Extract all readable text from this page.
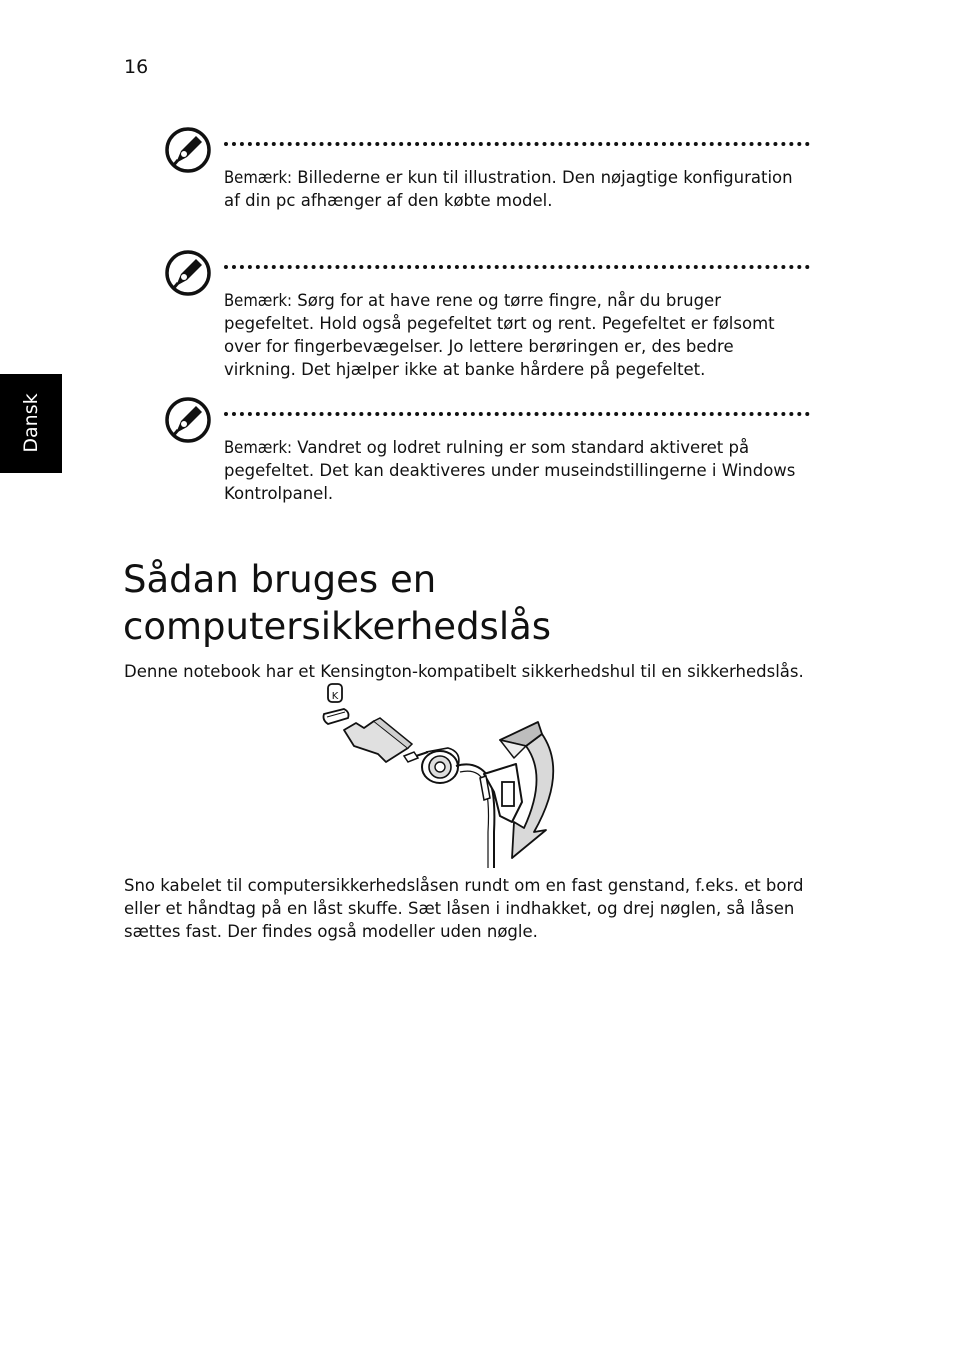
16
Dansk
Bemærk: Billederne er kun til illustration. Den nøjagtige konfiguration af din pc afhænger af den købte model.
Bemærk: Sørg for at have rene og tørre fingre, når du bruger pegefeltet. Hold også pegefeltet tørt og rent. Pegefeltet er følsomt over for fingerbevægelser. Jo lettere berøringen er, des bedre virkning. Det hjælper ikke at banke hårdere på pegefeltet.
Bemærk: Vandret og lodret rulning er som standard aktiveret på pegefeltet. Det kan deaktiveres under museindstillingerne i Windows Kontrolpanel.
Sådan bruges en computersikkerhedslås

Denne notebook har et Kensington-kompatibelt sikkerhedshul til en sikkerhedslås.

K

Sno kabelet til computersikkerhedslåsen rundt om en fast genstand, f.eks. et bord eller et håndtag på en låst skuffe. Sæt låsen i indhakket, og drej nøglen, så låsen sættes fast. Der findes også modeller uden nøgle.
